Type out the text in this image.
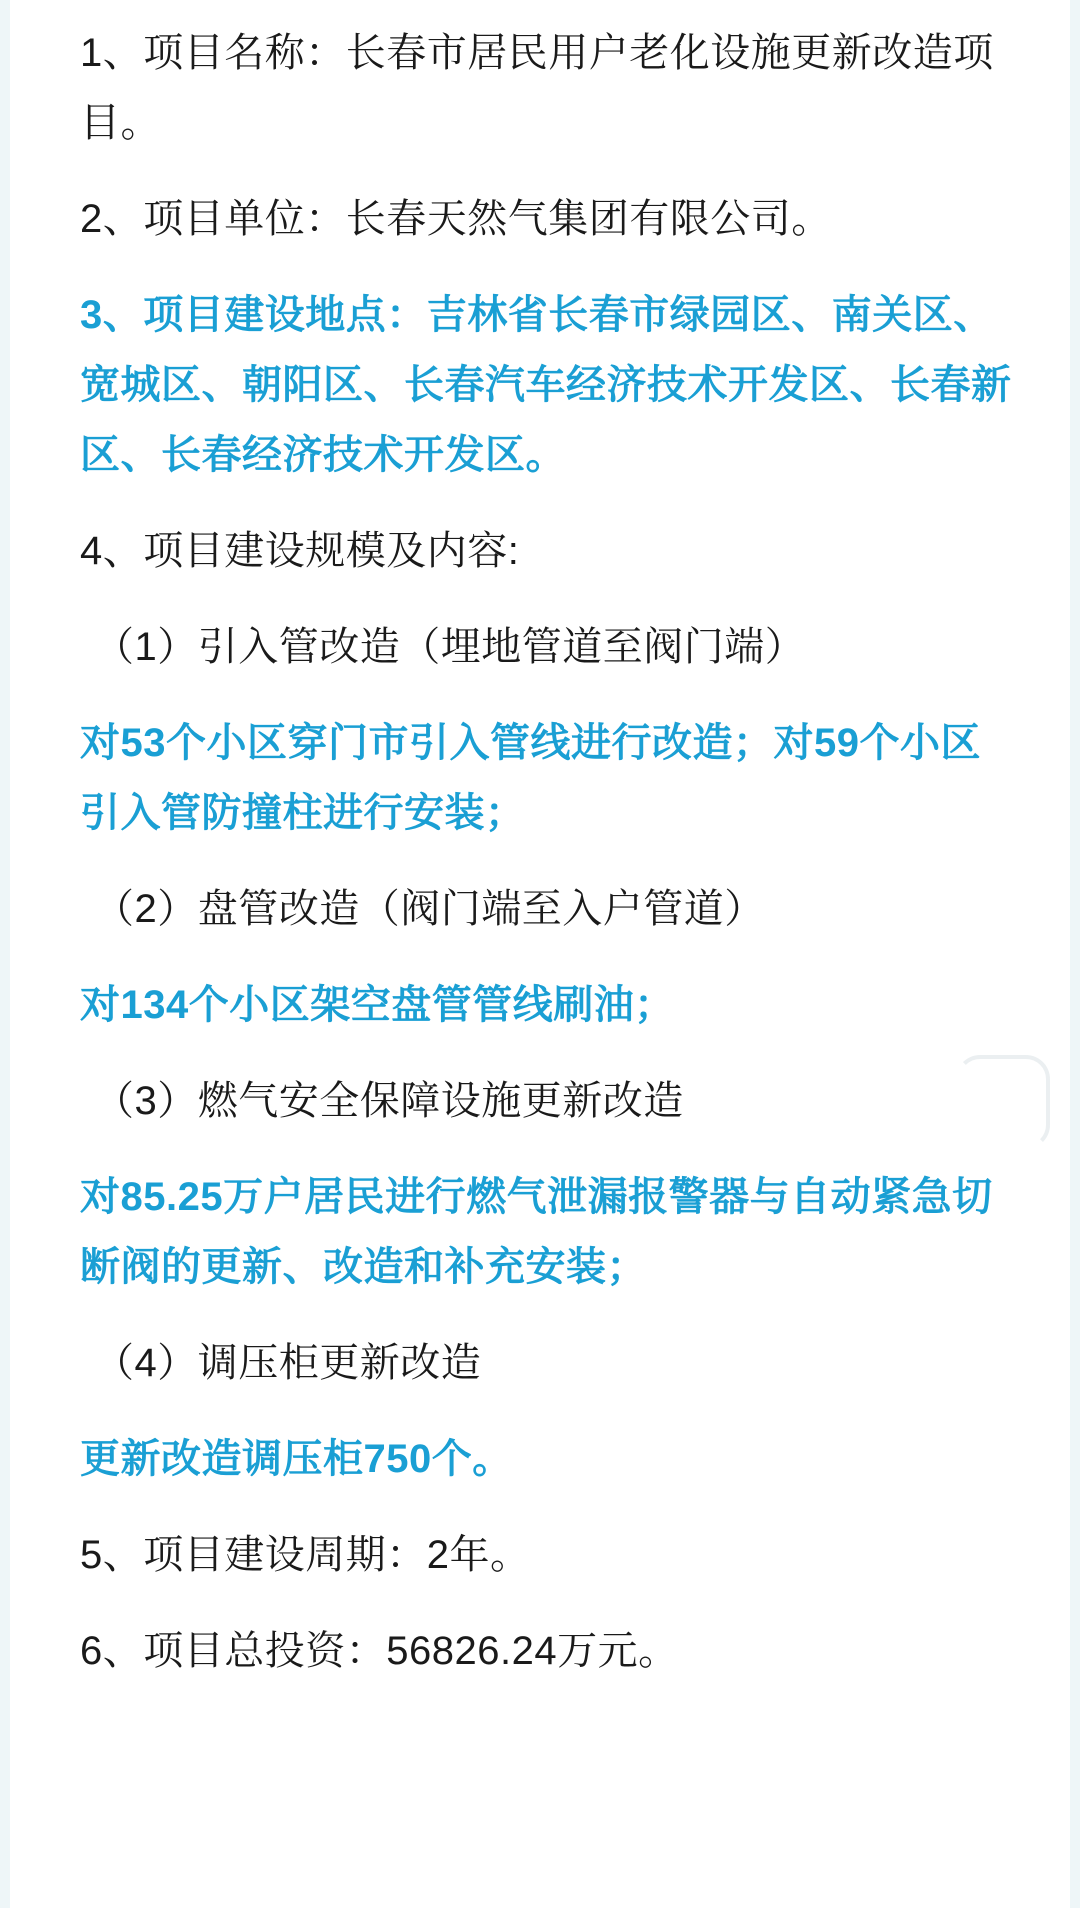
1、项目名称：长春市居民用户老化设施更新改造项目。

2、项目单位：长春天然气集团有限公司。

3、项目建设地点：吉林省长春市绿园区、南关区、宽城区、朝阳区、长春汽车经济技术开发区、长春新区、长春经济技术开发区。

4、项目建设规模及内容:

（1）引入管改造（埋地管道至阀门端）

对53个小区穿门市引入管线进行改造；对59个小区引入管防撞柱进行安装；

（2）盘管改造（阀门端至入户管道）

对134个小区架空盘管管线刷油；

（3）燃气安全保障设施更新改造

对85.25万户居民进行燃气泄漏报警器与自动紧急切断阀的更新、改造和补充安装；

（4）调压柜更新改造

更新改造调压柜750个。

5、项目建设周期：2年。

6、项目总投资：56826.24万元。
